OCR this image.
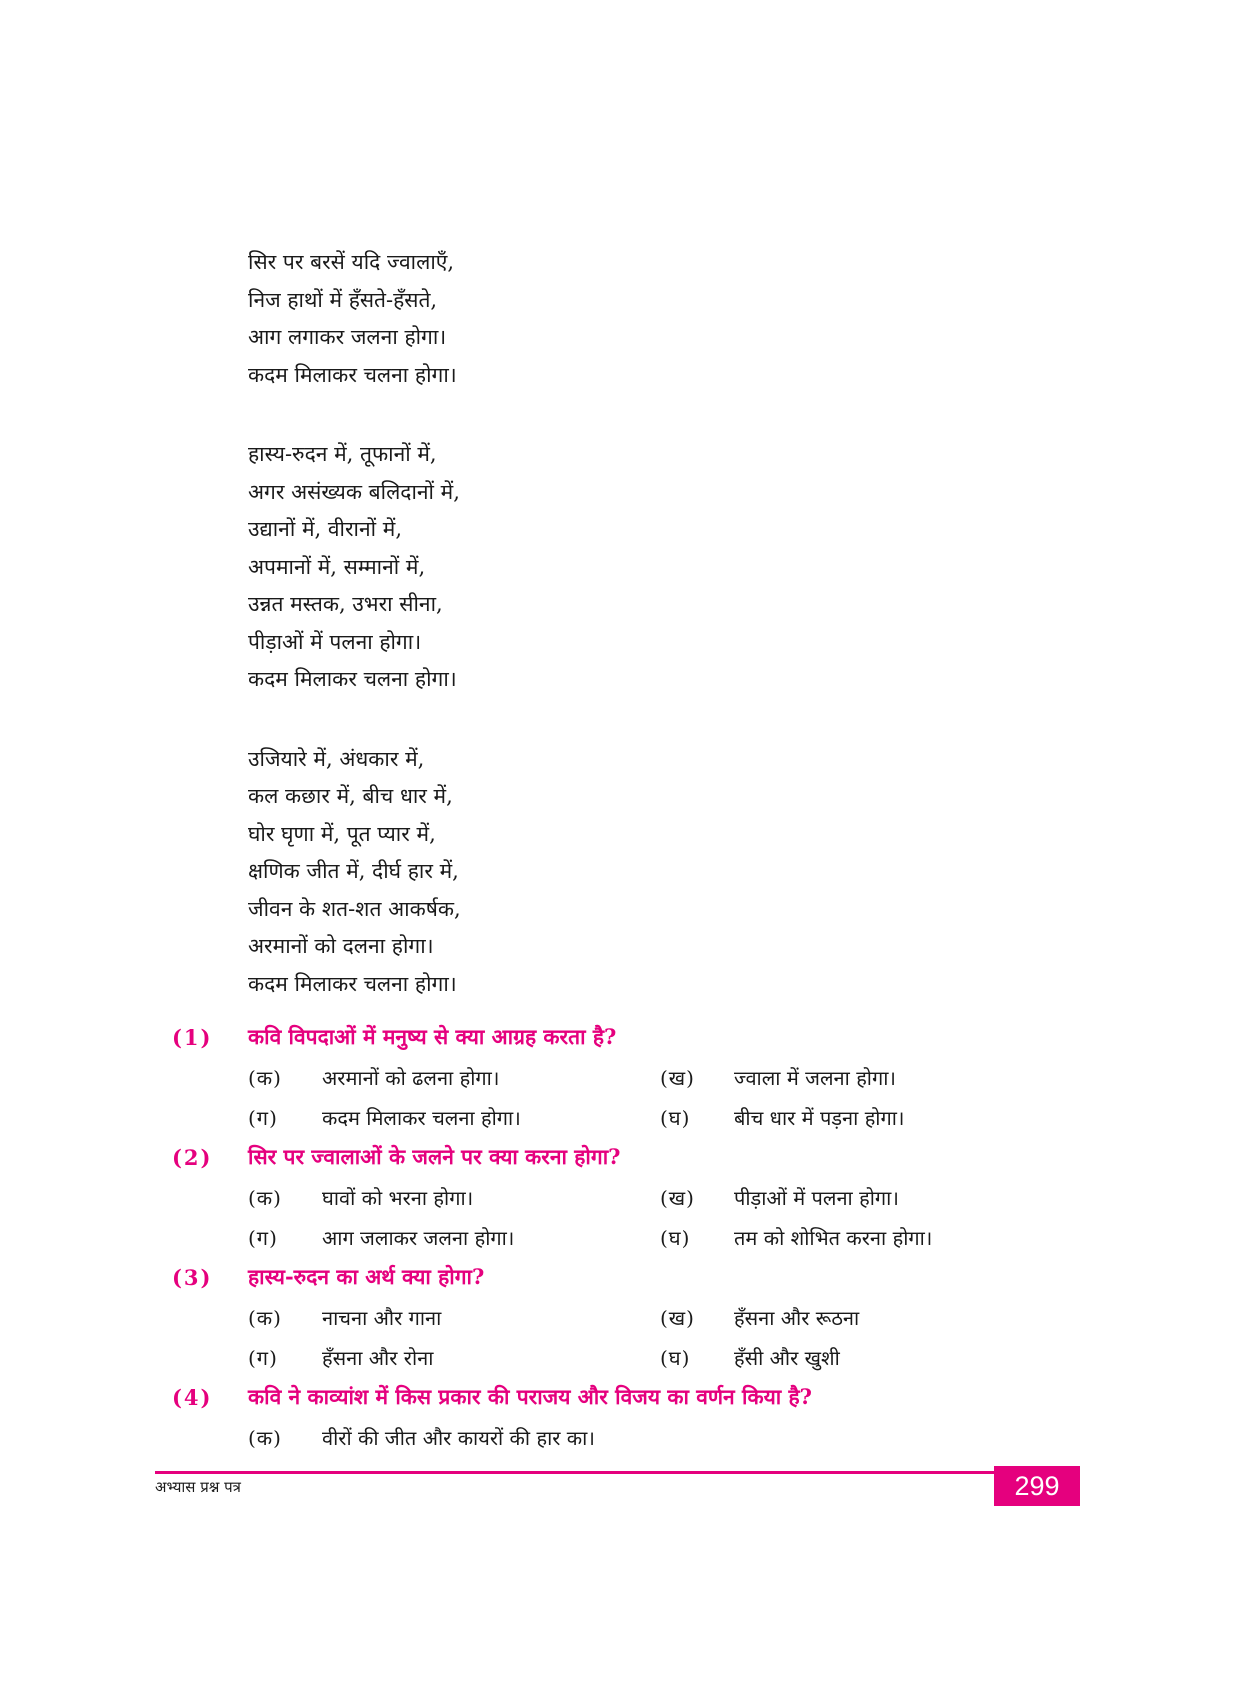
सिर पर बरसें यदि ज्वालाएँ,
निज हाथों में हँसते-हँसते,
आग लगाकर जलना होगा।
कदम मिलाकर चलना होगा।
हास्य-रुदन में, तूफानों में,
अगर असंख्यक बलिदानों में,
उद्यानों में, वीरानों में,
अपमानों में, सम्मानों में,
उन्नत मस्तक, उभरा सीना,
पीड़ाओं में पलना होगा।
कदम मिलाकर चलना होगा।
उजियारे में, अंधकार में,
कल कछार में, बीच धार में,
घोर घृणा में, पूत प्यार में,
क्षणिक जीत में, दीर्घ हार में,
जीवन के शत-शत आकर्षक,
अरमानों को दलना होगा।
कदम मिलाकर चलना होगा।
(1)	कवि विपदाओं में मनुष्य से क्या आग्रह करता है?
(क)	अरमानों को ढलना होगा।	(ख)	ज्वाला में जलना होगा।
(ग)	कदम मिलाकर चलना होगा।	(घ)	बीच धार में पड़ना होगा।
(2)	सिर पर ज्वालाओं के जलने पर क्या करना होगा?
(क)	घावों को भरना होगा।	(ख)	पीड़ाओं में पलना होगा।
(ग)	आग जलाकर जलना होगा।	(घ)	तम को शोभित करना होगा।
(3)	हास्य-रुदन का अर्थ क्या होगा?
(क)	नाचना और गाना	(ख)	हँसना और रूठना
(ग)	हँसना और रोना	(घ)	हँसी और खुशी
(4)	कवि ने काव्यांश में किस प्रकार की पराजय और विजय का वर्णन किया है?
(क)	वीरों की जीत और कायरों की हार का।
अभ्यास प्रश्न पत्र	299
